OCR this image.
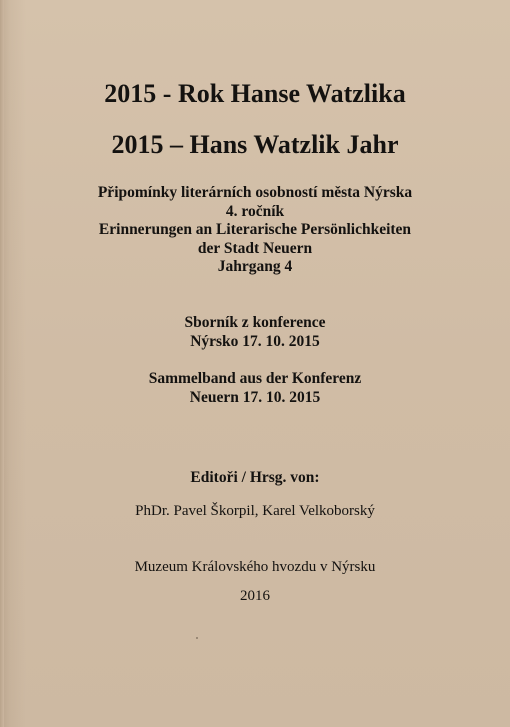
2015 - Rok Hanse Watzlika
2015 – Hans Watzlik Jahr
Připomínky literárních osobností města Nýrska
4. ročník
Erinnerungen an Literarische Persönlichkeiten
der Stadt Neuern
Jahrgang 4
Sborník z konference
Nýrsko 17. 10. 2015
Sammelband aus der Konferenz
Neuern 17. 10. 2015
Editoři / Hrsg. von:
PhDr. Pavel Škorpil, Karel Velkoborský
Muzeum Královského hvozdu v Nýrsku
2016
